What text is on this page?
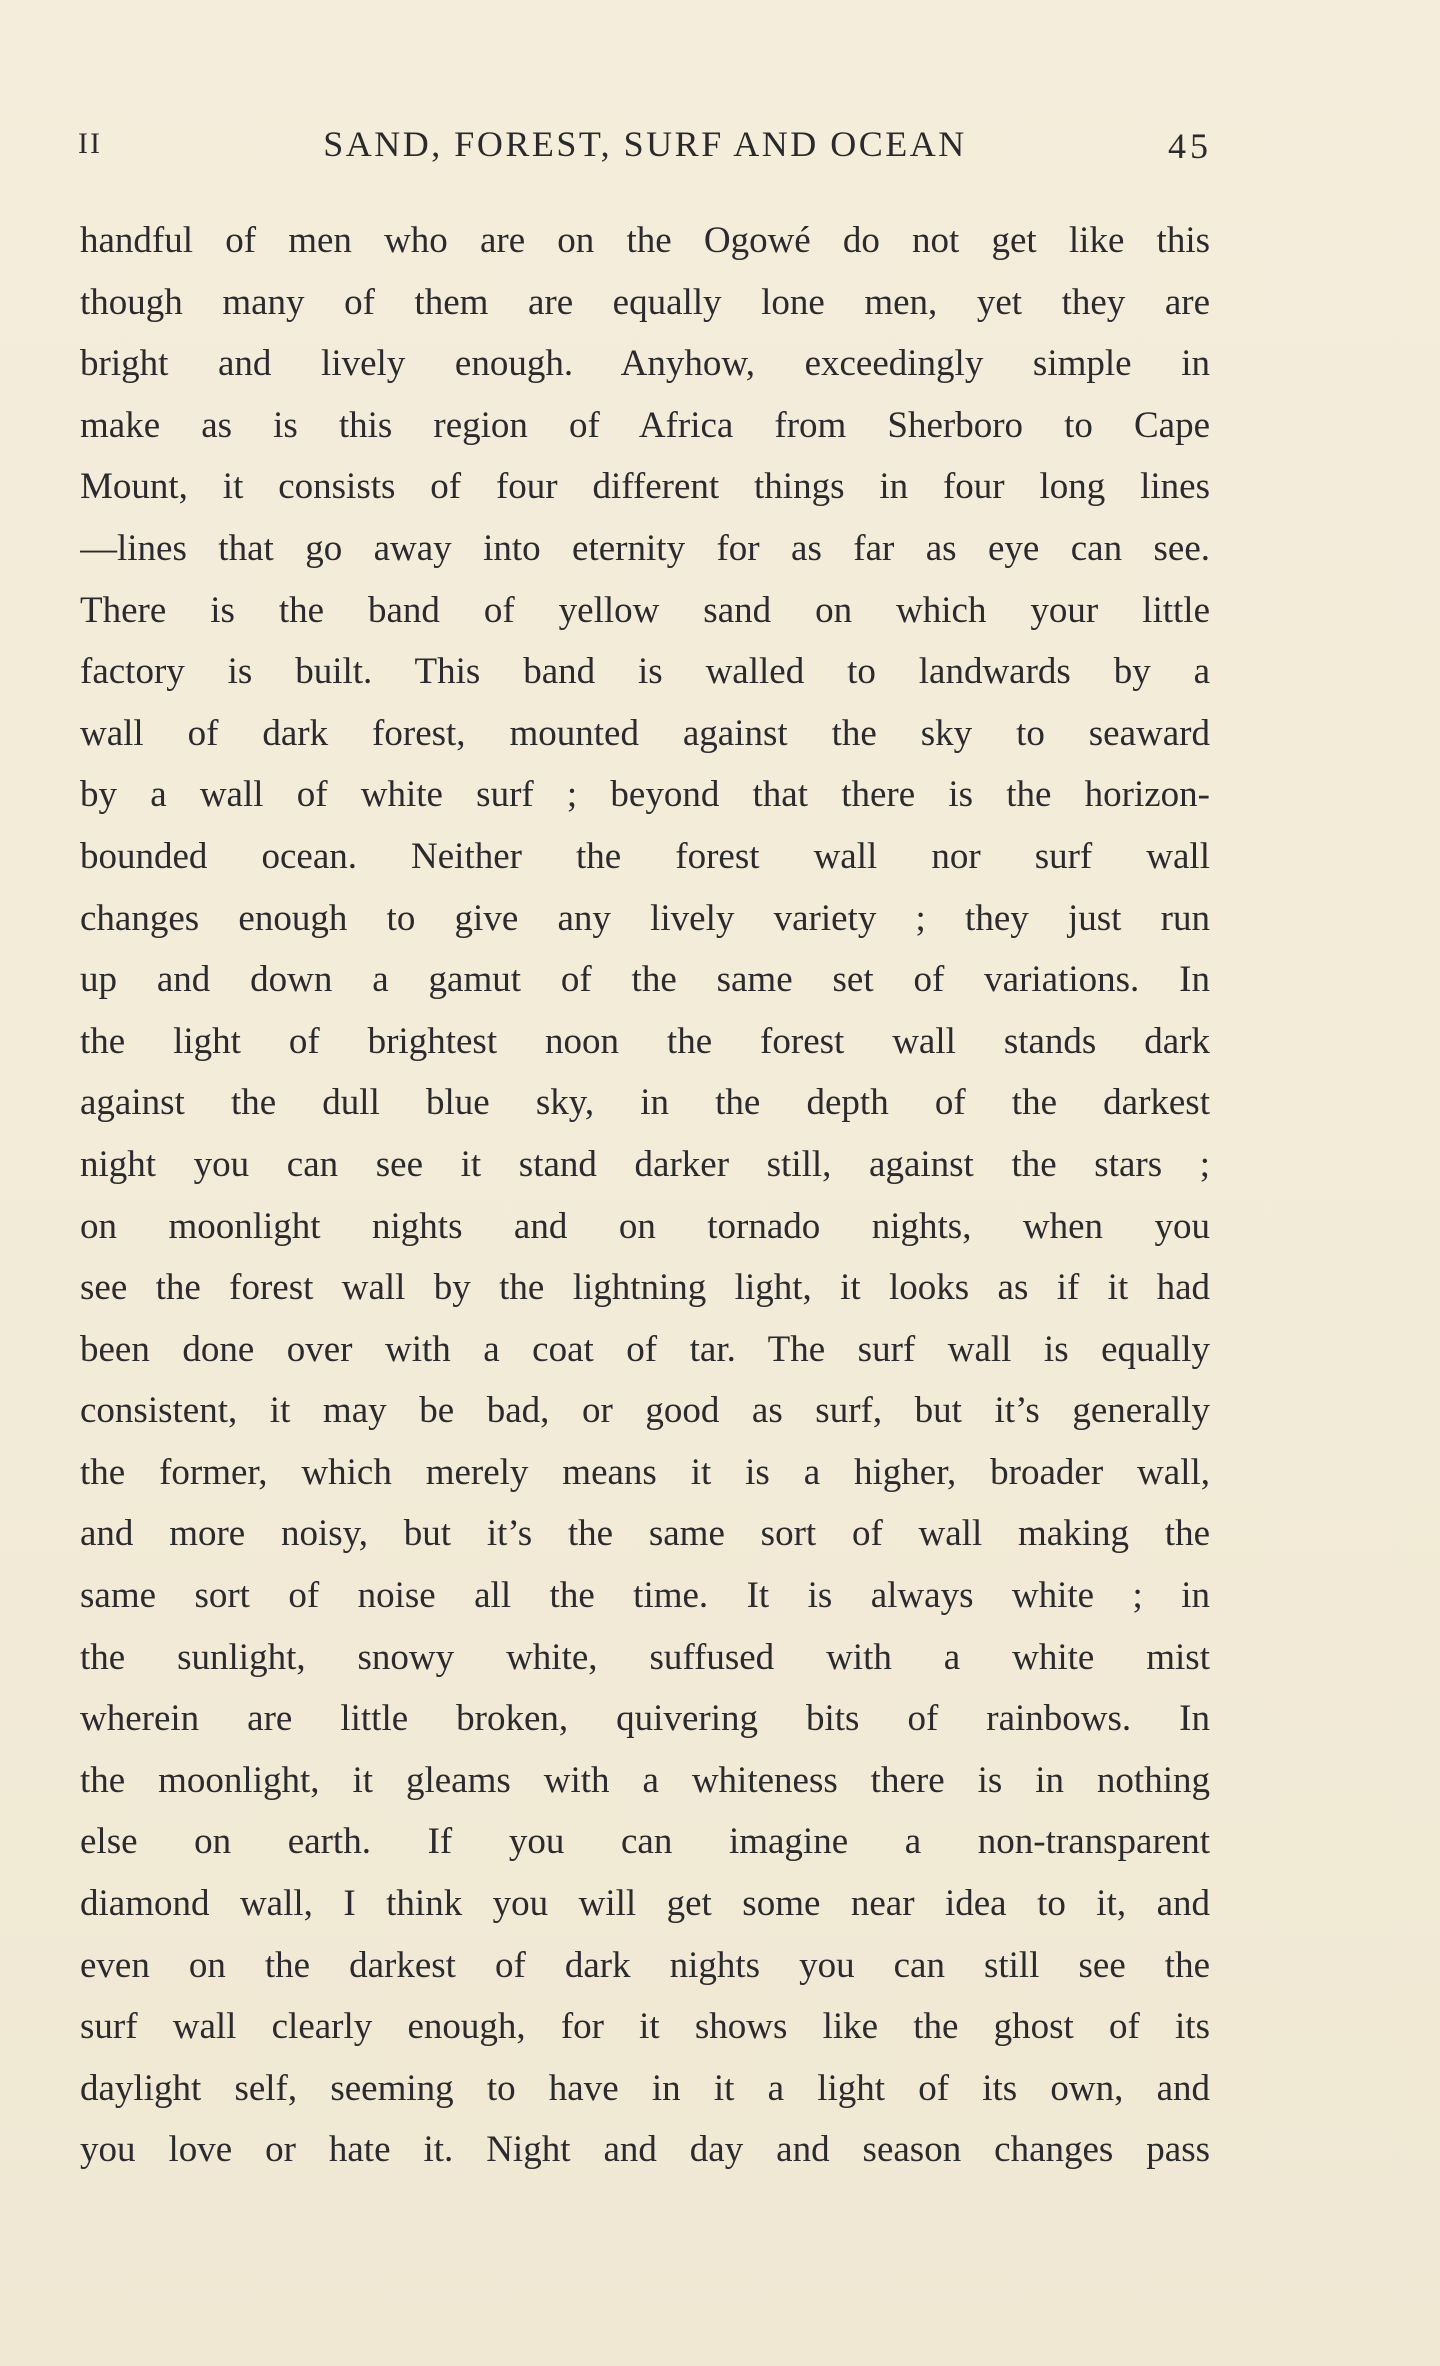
II	SAND, FOREST, SURF AND OCEAN	45
handful of men who are on the Ogowé do not get like this
though many of them are equally lone men, yet they are
bright and lively enough. Anyhow, exceedingly simple in
make as is this region of Africa from Sherboro to Cape
Mount, it consists of four different things in four long lines
—lines that go away into eternity for as far as eye can see.
There is the band of yellow sand on which your little
factory is built. This band is walled to landwards by a
wall of dark forest, mounted against the sky to seaward
by a wall of white surf ; beyond that there is the horizon-
bounded ocean. Neither the forest wall nor surf wall
changes enough to give any lively variety ; they just run
up and down a gamut of the same set of variations. In
the light of brightest noon the forest wall stands dark
against the dull blue sky, in the depth of the darkest
night you can see it stand darker still, against the stars ;
on moonlight nights and on tornado nights, when you
see the forest wall by the lightning light, it looks as if it had
been done over with a coat of tar. The surf wall is equally
consistent, it may be bad, or good as surf, but it’s generally
the former, which merely means it is a higher, broader wall,
and more noisy, but it’s the same sort of wall making the
same sort of noise all the time. It is always white ; in
the sunlight, snowy white, suffused with a white mist
wherein are little broken, quivering bits of rainbows. In
the moonlight, it gleams with a whiteness there is in nothing
else on earth. If you can imagine a non-transparent
diamond wall, I think you will get some near idea to it, and
even on the darkest of dark nights you can still see the
surf wall clearly enough, for it shows like the ghost of its
daylight self, seeming to have in it a light of its own, and
you love or hate it. Night and day and season changes pass
